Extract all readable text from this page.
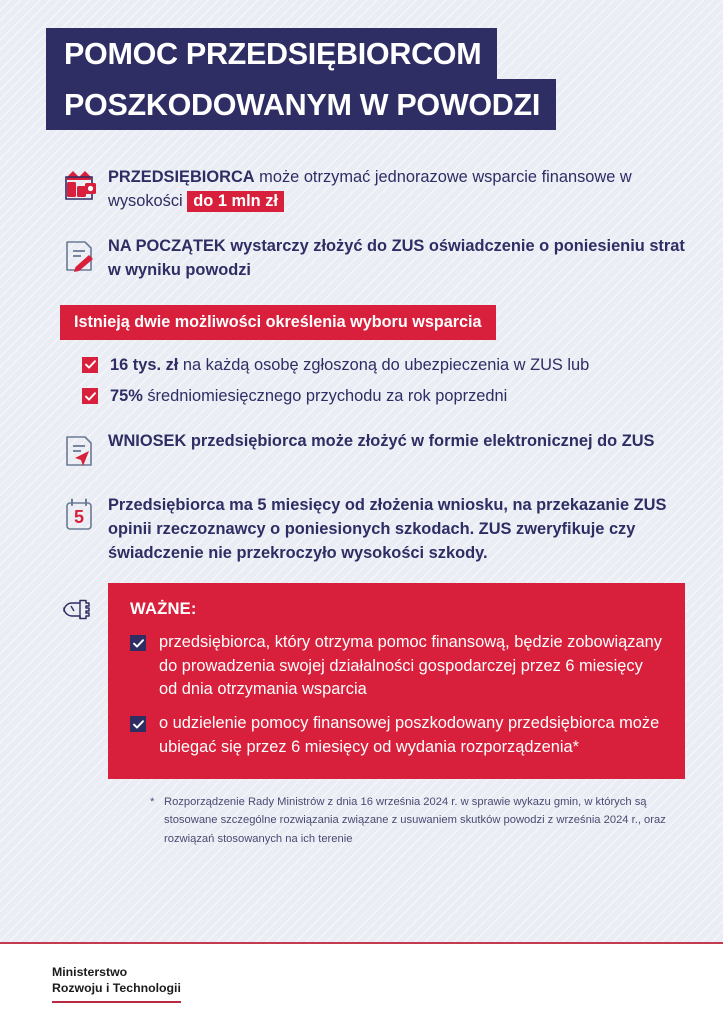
POMOC PRZEDSIĘBIORCOM
POSZKODOWANYM W POWODZI
PRZEDSIĘBIORCA może otrzymać jednorazowe wsparcie finansowe w wysokości do 1 mln zł
NA POCZĄTEK wystarczy złożyć do ZUS oświadczenie o poniesieniu strat w wyniku powodzi
Istnieją dwie możliwości określenia wyboru wsparcia
16 tys. zł na każdą osobę zgłoszoną do ubezpieczenia w ZUS lub
75% średniomiesięcznego przychodu za rok poprzedni
WNIOSEK przedsiębiorca może złożyć w formie elektronicznej do ZUS
5
Przedsiębiorca ma 5 miesięcy od złożenia wniosku, na przekazanie ZUS opinii rzeczoznawcy o poniesionych szkodach. ZUS zweryfikuje czy świadczenie nie przekroczyło wysokości szkody.
WAŻNE:
przedsiębiorca, który otrzyma pomoc finansową, będzie zobowiązany do prowadzenia swojej działalności gospodarczej przez 6 miesięcy od dnia otrzymania wsparcia
o udzielenie pomocy finansowej poszkodowany przedsiębiorca może ubiegać się przez 6 miesięcy od wydania rozporządzenia*
* Rozporządzenie Rady Ministrów z dnia 16 września 2024 r. w sprawie wykazu gmin, w których są stosowane szczególne rozwiązania związane z usuwaniem skutków powodzi z września 2024 r., oraz rozwiązań stosowanych na ich terenie
Ministerstwo
Rozwoju i Technologii
